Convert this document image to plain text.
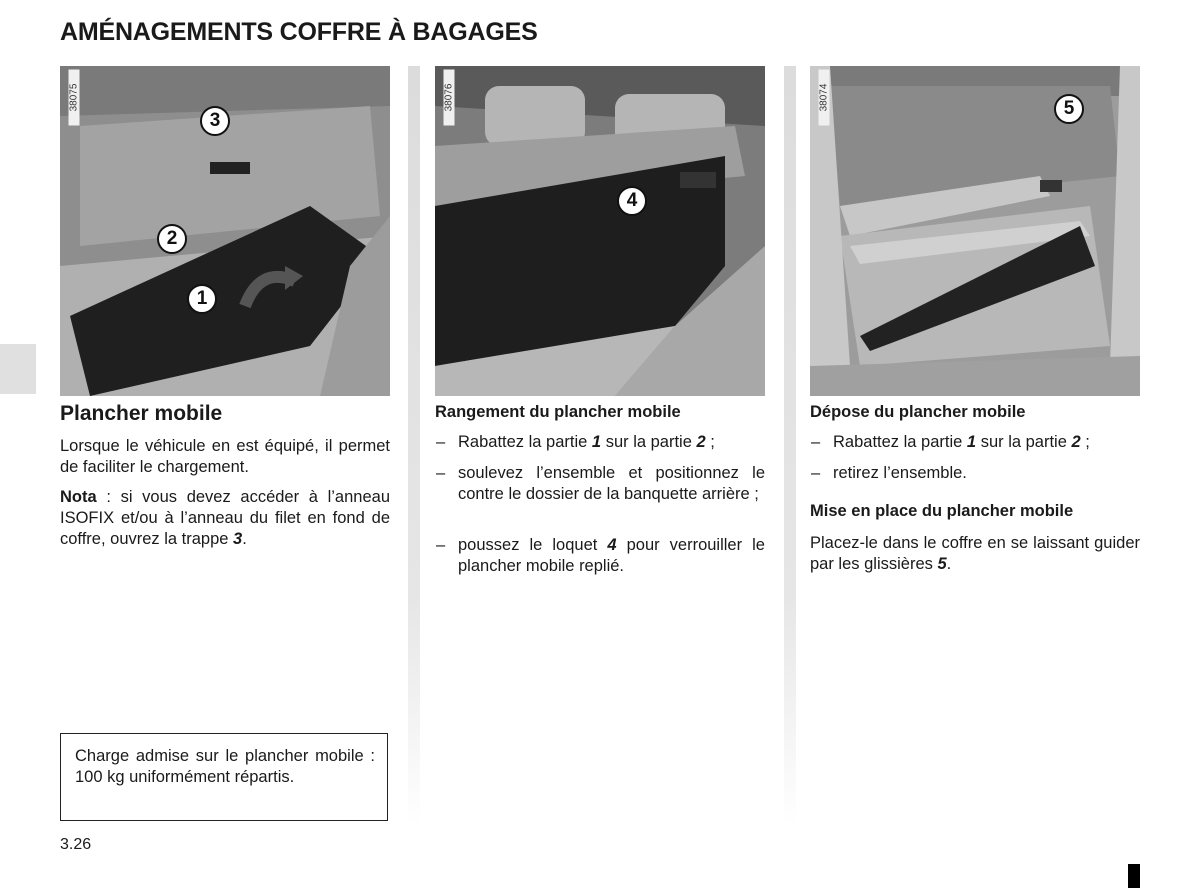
AMÉNAGEMENTS COFFRE À BAGAGES
38075
3
2
1
38076
4
38074	5
Plancher mobile
Lorsque le véhicule en est équipé, il permet de faciliter le chargement.
Nota : si vous devez accéder à l’anneau ISOFIX et/ou à l’anneau du filet en fond de coffre, ouvrez la trappe 3.
Charge admise sur le plancher mobile : 100 kg uniformément répartis.
Rangement du plancher mobile
– Rabattez la partie 1 sur la partie 2 ;
– soulevez l’ensemble et positionnez le contre le dossier de la banquette arrière ;
– poussez le loquet 4 pour verrouiller le plancher mobile replié.
Dépose du plancher mobile
– Rabattez la partie 1 sur la partie 2 ;
– retirez l’ensemble.
Mise en place du plancher mobile
Placez-le dans le coffre en se laissant guider par les glissières 5.
3.26
